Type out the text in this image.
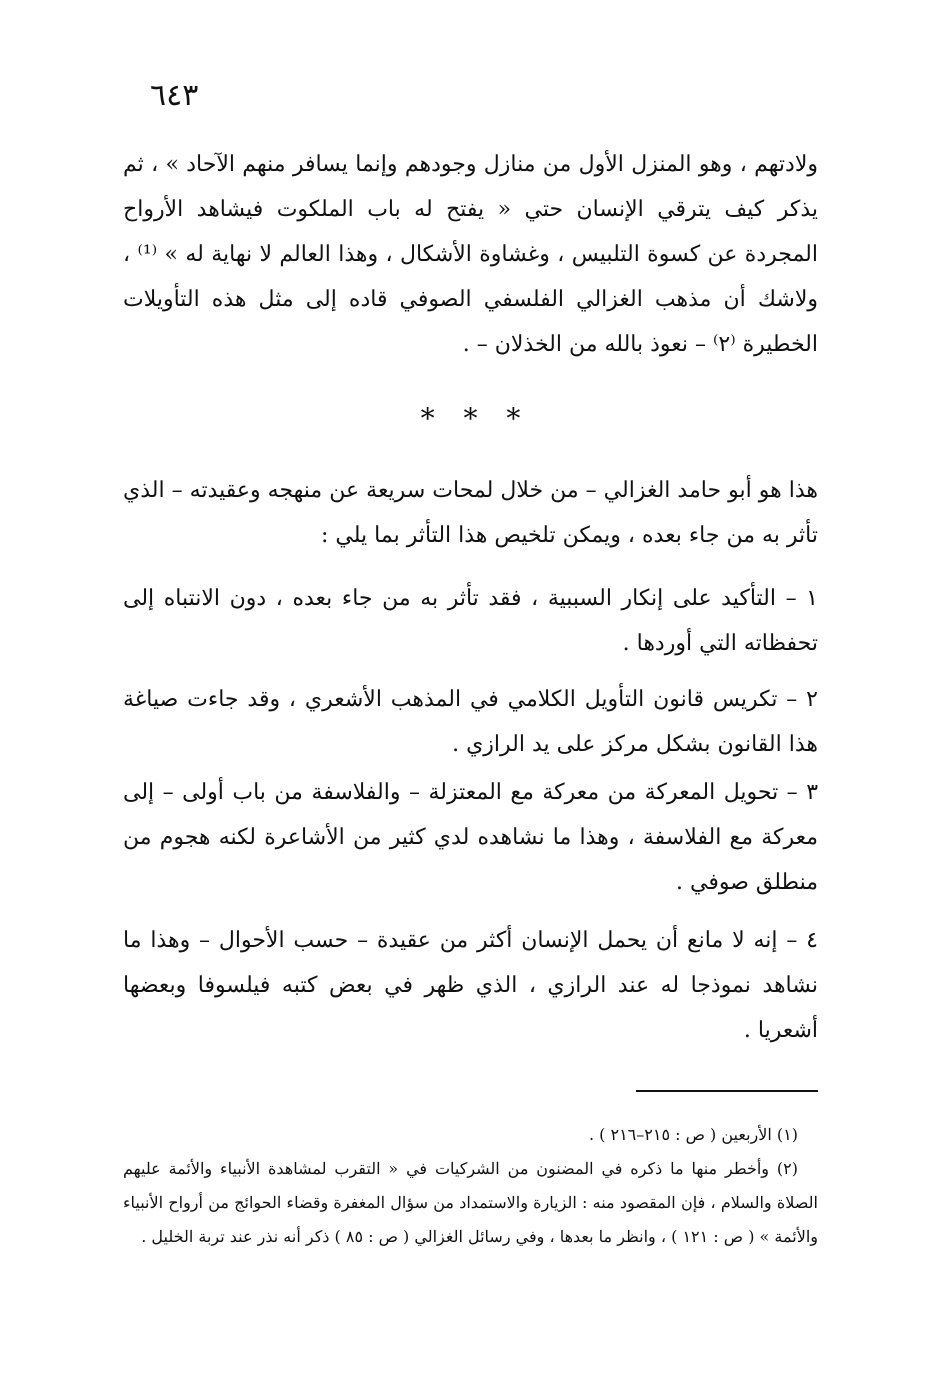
٦٤٣

ولادتهم ، وهو المنزل الأول من منازل وجودهم وإنما يسافر منهم الآحاد » ، ثم يذكر كيف يترقي الإنسان حتي « يفتح له باب الملكوت فيشاهد الأرواح المجردة عن كسوة التلبيس ، وغشاوة الأشكال ، وهذا العالم لا نهاية له » ⁽¹⁾ ، ولاشك أن مذهب الغزالي الفلسفي الصوفي قاده إلى مثل هذه التأويلات الخطيرة ⁽٢⁾ – نعوذ بالله من الخذلان – .

* * *

هذا هو أبو حامد الغزالي – من خلال لمحات سريعة عن منهجه وعقيدته – الذي تأثر به من جاء بعده ، ويمكن تلخيص هذا التأثر بما يلي :

١ – التأكيد على إنكار السببية ، فقد تأثر به من جاء بعده ، دون الانتباه إلى تحفظاته التي أوردها .

٢ – تكريس قانون التأويل الكلامي في المذهب الأشعري ، وقد جاءت صياغة هذا القانون بشكل مركز على يد الرازي .

٣ – تحويل المعركة من معركة مع المعتزلة – والفلاسفة من باب أولى – إلى معركة مع الفلاسفة ، وهذا ما نشاهده لدي كثير من الأشاعرة لكنه هجوم من منطلق صوفي .

٤ – إنه لا مانع أن يحمل الإنسان أكثر من عقيدة – حسب الأحوال – وهذا ما نشاهد نموذجا له عند الرازي ، الذي ظهر في بعض كتبه فيلسوفا وبعضها أشعريا .

(١) الأربعين ( ص : ٢١٥–٢١٦ ) .

(٢) وأخطر منها ما ذكره في المضنون من الشركيات في « التقرب لمشاهدة الأنبياء والأئمة عليهم الصلاة والسلام ، فإن المقصود منه : الزيارة والاستمداد من سؤال المغفرة وقضاء الحوائج من أرواح الأنبياء والأئمة » ( ص : ١٢١ ) ، وانظر ما بعدها ، وفي رسائل الغزالي ( ص : ٨٥ ) ذكر أنه نذر عند تربة الخليل .
